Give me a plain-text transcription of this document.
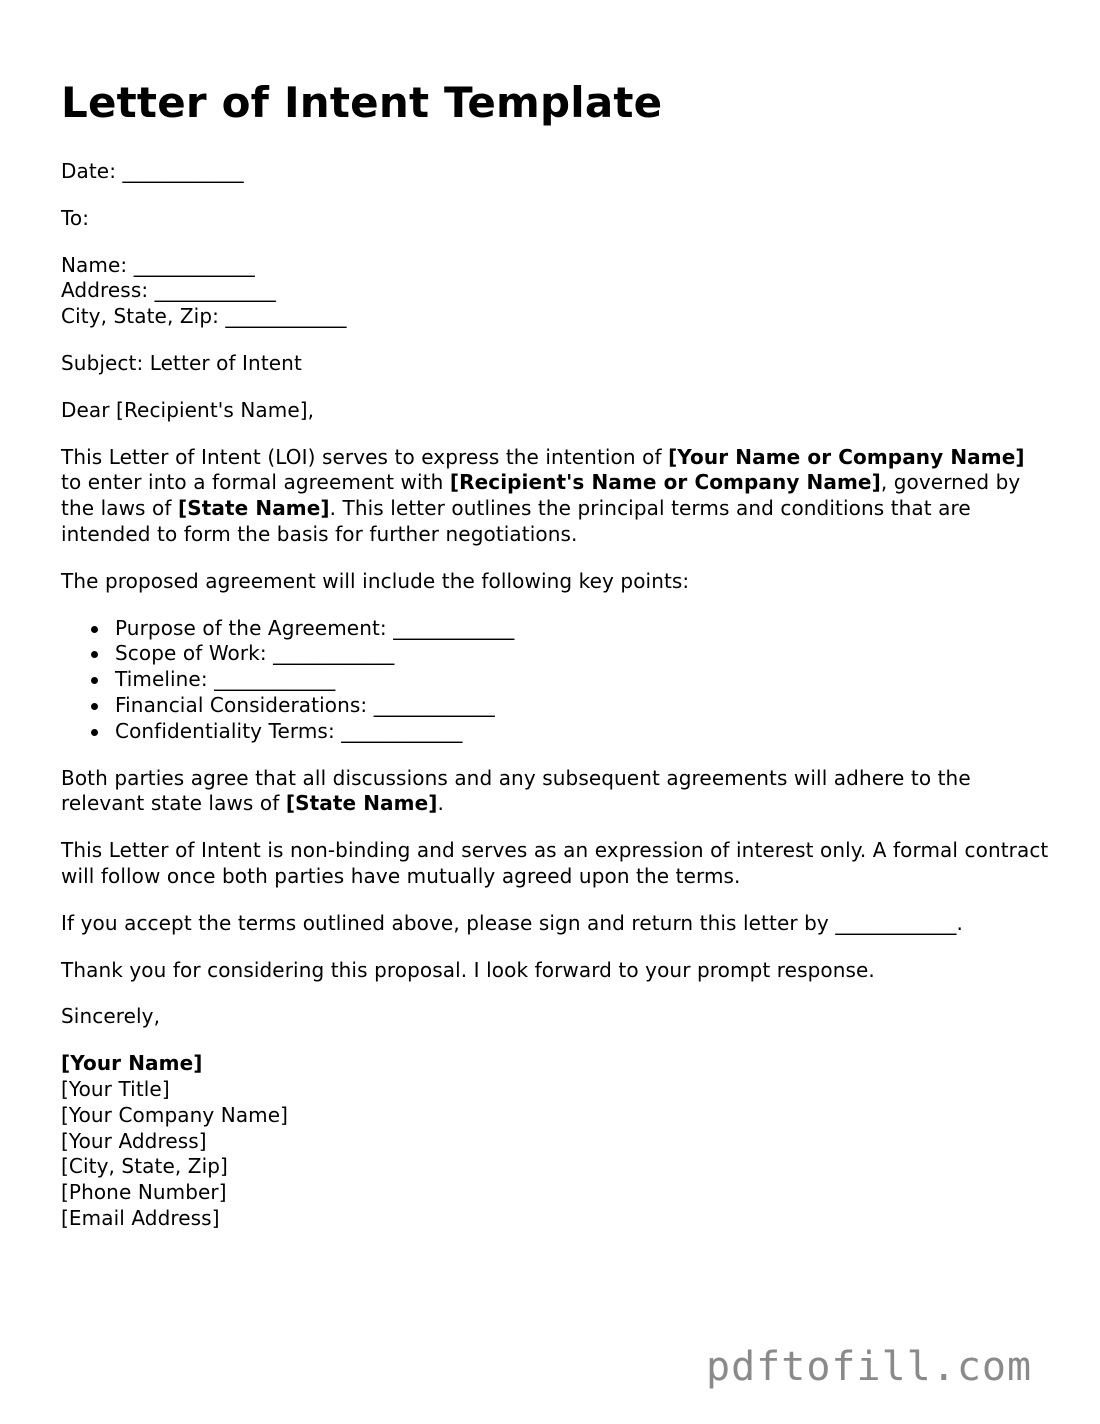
Letter of Intent Template

Date: ____________

To:

Name: ____________
Address: ____________
City, State, Zip: ____________

Subject: Letter of Intent

Dear [Recipient's Name],

This Letter of Intent (LOI) serves to express the intention of [Your Name or Company Name] to enter into a formal agreement with [Recipient's Name or Company Name], governed by the laws of [State Name]. This letter outlines the principal terms and conditions that are intended to form the basis for further negotiations.

The proposed agreement will include the following key points:

Purpose of the Agreement: ____________
Scope of Work: ____________
Timeline: ____________
Financial Considerations: ____________
Confidentiality Terms: ____________

Both parties agree that all discussions and any subsequent agreements will adhere to the relevant state laws of [State Name].

This Letter of Intent is non-binding and serves as an expression of interest only. A formal contract will follow once both parties have mutually agreed upon the terms.

If you accept the terms outlined above, please sign and return this letter by ____________.

Thank you for considering this proposal. I look forward to your prompt response.

Sincerely,

[Your Name]
[Your Title]
[Your Company Name]
[Your Address]
[City, State, Zip]
[Phone Number]
[Email Address]

pdftofill.com
